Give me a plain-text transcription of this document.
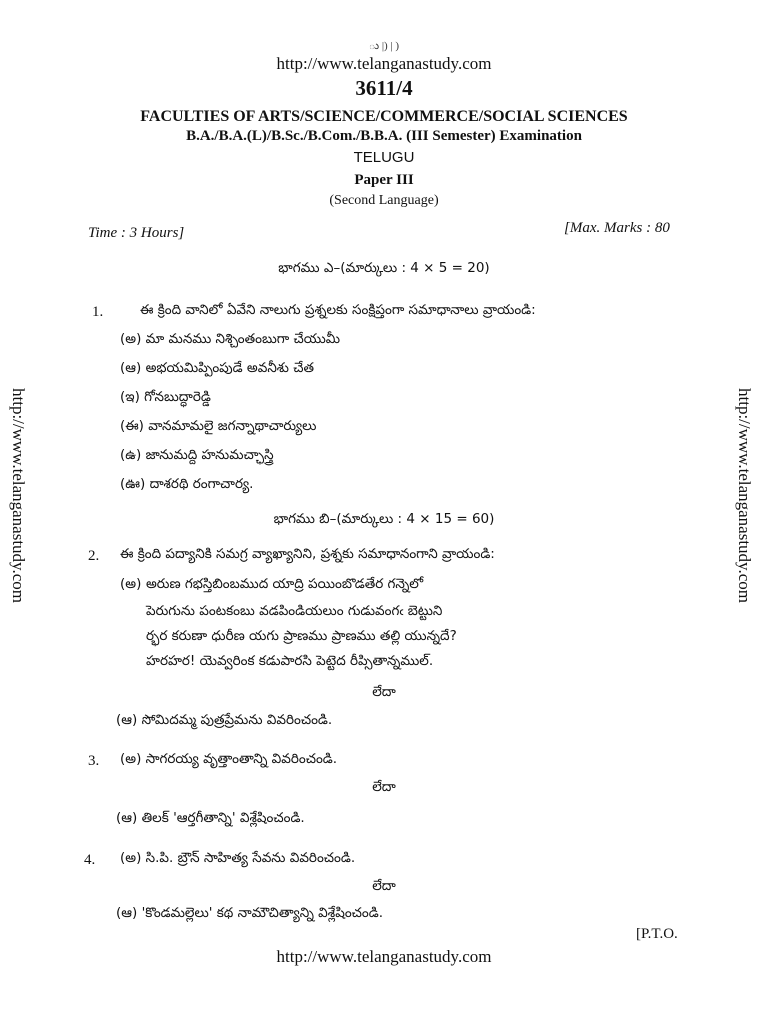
ు |) | )
http://www.telanganastudy.com
3611/4
FACULTIES OF ARTS/SCIENCE/COMMERCE/SOCIAL SCIENCES
B.A./B.A.(L)/B.Sc./B.Com./B.B.A. (III Semester) Examination
TELUGU
Paper III
(Second Language)
Time : 3 Hours]	[Max. Marks : 80
http://www.telanganastudy.com	http://www.telanganastudy.com
భాగము ఎ–(మార్కులు : 4 × 5 = 20)
1.	ఈ క్రింది వానిలో ఏవేని నాలుగు ప్రశ్నలకు సంక్షిప్తంగా సమాధానాలు వ్రాయండి:
(అ) మా మనము నిశ్చింతంబుగా చేయుమీ
(ఆ) అభయమిప్పింపుడే అవనీశు చేత
(ఇ) గోనబుద్ధారెడ్డి
(ఈ) వానమామలై జగన్నాథాచార్యులు
(ఉ) జానుమద్ది హనుమచ్ఛాస్త్రి
(ఊ) దాశరథి రంగాచార్య.
భాగము బి–(మార్కులు : 4 × 15 = 60)
2. ఈ క్రింది పద్యానికి సమగ్ర వ్యాఖ్యానిని, ప్రశ్నకు సమాధానంగాని వ్రాయండి:
(అ) అరుణ గభస్తిబింబముద యాద్రి పయింబొడతేర గన్నెలో
పెరుగును పంటకంబు వడపిండియలుం గుడువంగఁ బెట్టుని
ర్భర కరుణా ధురీణ యగు ప్రాణము ప్రాణము తల్లి యున్నదే?
హరహర! యెవ్వరింక కడుపారసి పెట్టెద రీప్సితాన్నముల్.
లేదా
(ఆ) సోమిదమ్మ పుత్రప్రేమను వివరించండి.
3. (అ) సాగరయ్య వృత్తాంతాన్ని వివరించండి.
లేదా
(ఆ) తిలక్ 'ఆర్తగీతాన్ని' విశ్లేషించండి.
4. (అ) సి.పి. బ్రౌన్ సాహిత్య సేవను వివరించండి.
లేదా
(ఆ) 'కొండమల్లెలు' కథ నామౌచిత్యాన్ని విశ్లేషించండి.
[P.T.O.
http://www.telanganastudy.com
